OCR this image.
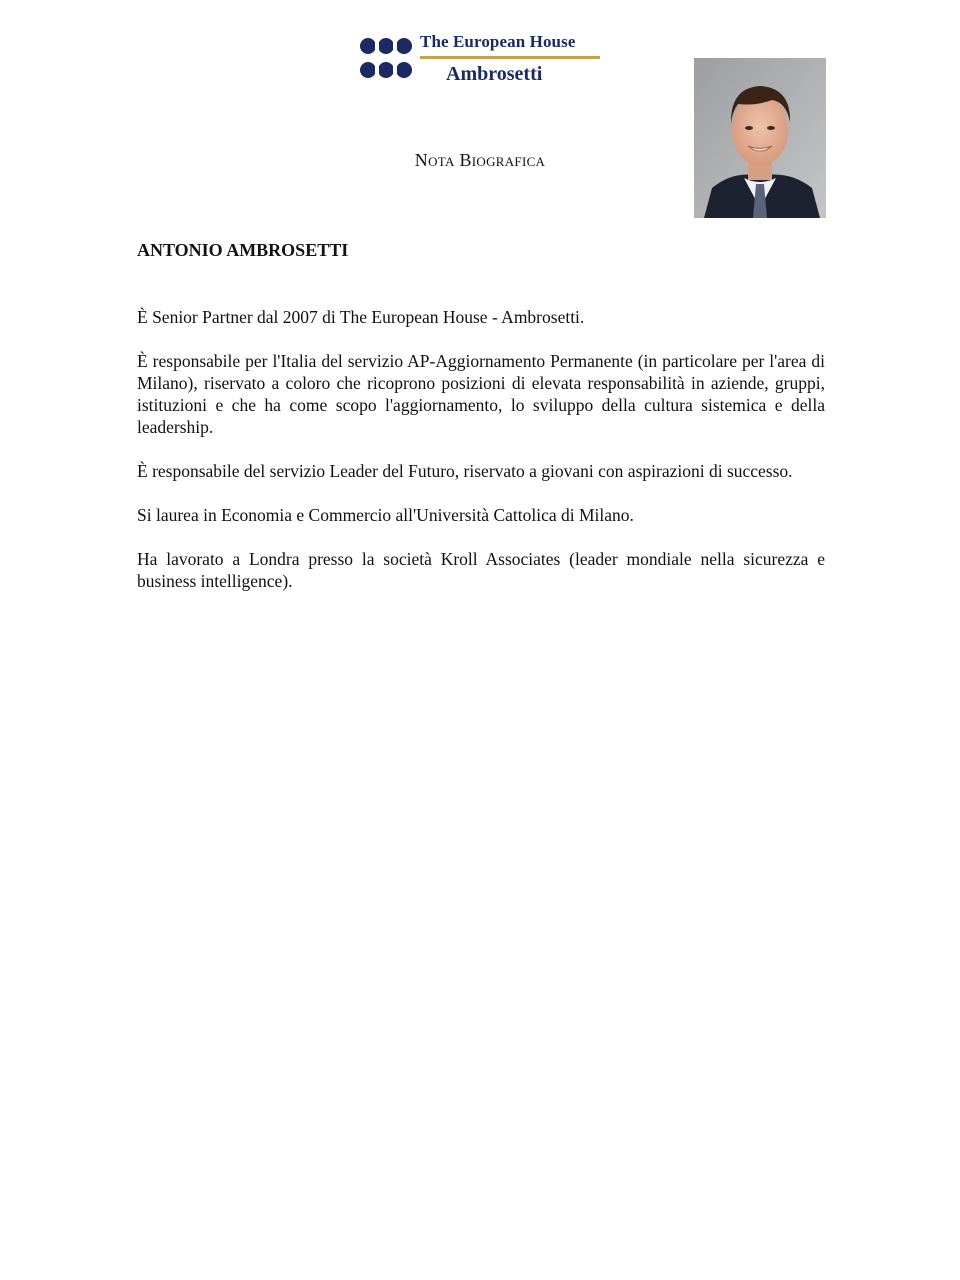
The European House
Ambrosetti
Nota Biografica
ANTONIO AMBROSETTI

È Senior Partner dal 2007 di The European House - Ambrosetti.

È responsabile per l'Italia del servizio AP-Aggiornamento Permanente (in particolare per l'area di Milano), riservato a coloro che ricoprono posizioni di elevata responsabilità in aziende, gruppi, istituzioni e che ha come scopo l'aggiornamento, lo sviluppo della cultura sistemica e della leadership.

È responsabile del servizio Leader del Futuro, riservato a giovani con aspirazioni di successo.

Si laurea in Economia e Commercio all'Università Cattolica di Milano.

Ha lavorato a Londra presso la società Kroll Associates (leader mondiale nella sicurezza e business intelligence).
